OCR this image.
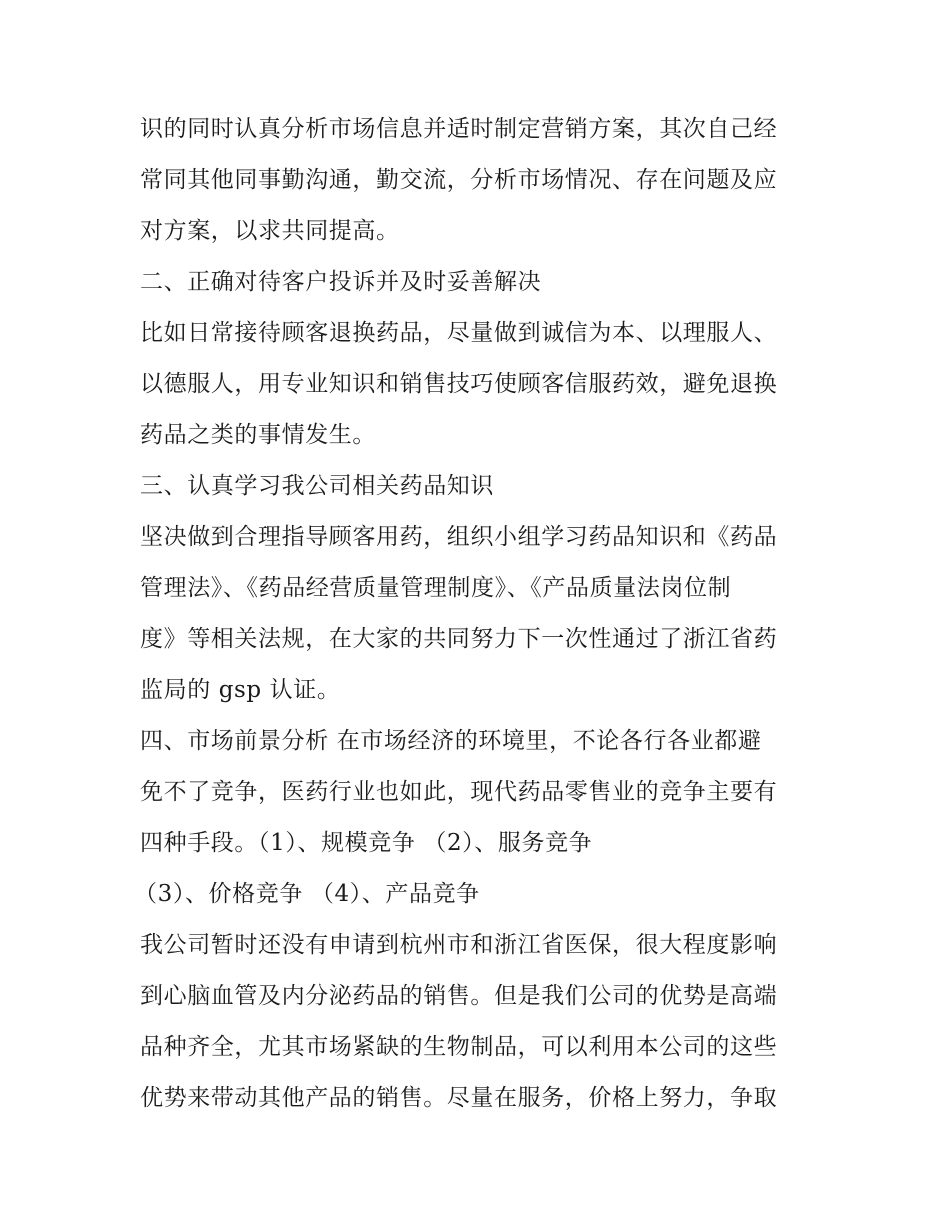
识的同时认真分析市场信息并适时制定营销方案，其次自己经
常同其他同事勤沟通，勤交流，分析市场情况、存在问题及应
对方案，以求共同提高。
二、正确对待客户投诉并及时妥善解决
比如日常接待顾客退换药品，尽量做到诚信为本、以理服人、
以德服人，用专业知识和销售技巧使顾客信服药效，避免退换
药品之类的事情发生。
三、认真学习我公司相关药品知识
坚决做到合理指导顾客用药，组织小组学习药品知识和《药品
管理法》、《药品经营质量管理制度》、《产品质量法岗位制
度》等相关法规，在大家的共同努力下一次性通过了浙江省药
监局的 gsp 认证。
四、市场前景分析 在市场经济的环境里，不论各行各业都避
免不了竞争，医药行业也如此，现代药品零售业的竞争主要有
四种手段。（1）、规模竞争 （2）、服务竞争
（3）、价格竞争 （4）、产品竞争
我公司暂时还没有申请到杭州市和浙江省医保，很大程度影响
到心脑血管及内分泌药品的销售。但是我们公司的优势是高端
品种齐全，尤其市场紧缺的生物制品，可以利用本公司的这些
优势来带动其他产品的销售。尽量在服务，价格上努力，争取
